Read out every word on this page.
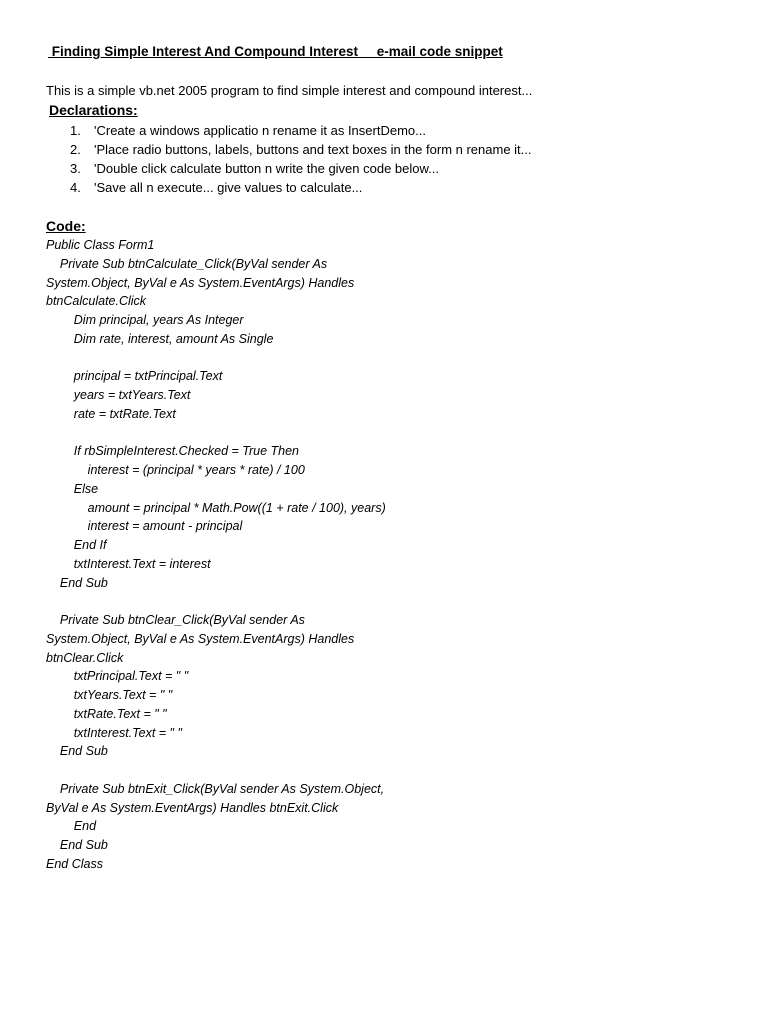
Finding Simple Interest And Compound Interest     e-mail code snippet
This is a simple vb.net 2005 program to find simple interest and compound interest...
Declarations:
1.	'Create a windows applicatio n rename it as InsertDemo...
2.	'Place radio buttons, labels, buttons and text boxes in the form n rename it...
3.	'Double click calculate button n write the given code below...
4.	'Save all n execute... give values to calculate...
Code:
Public Class Form1
Private Sub btnCalculate_Click(ByVal sender As
System.Object, ByVal e As System.EventArgs) Handles
btnCalculate.Click
Dim principal, years As Integer
Dim rate, interest, amount As Single
principal = txtPrincipal.Text
years = txtYears.Text
rate = txtRate.Text
If rbSimpleInterest.Checked = True Then
interest = (principal * years * rate) / 100
Else
amount = principal * Math.Pow((1 + rate / 100), years)
interest = amount - principal
End If
txtInterest.Text = interest
End Sub
Private Sub btnClear_Click(ByVal sender As
System.Object, ByVal e As System.EventArgs) Handles
btnClear.Click
txtPrincipal.Text = " "
txtYears.Text = " "
txtRate.Text = " "
txtInterest.Text = " "
End Sub
Private Sub btnExit_Click(ByVal sender As System.Object,
ByVal e As System.EventArgs) Handles btnExit.Click
End
End Sub
End Class
